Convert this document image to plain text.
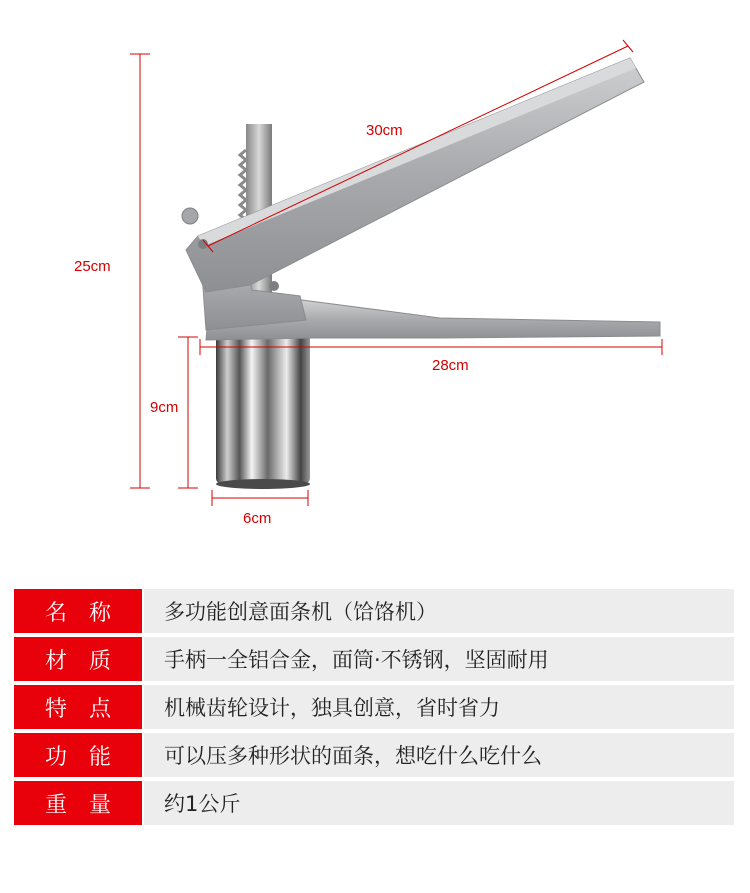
30cm
25cm
28cm
9cm
6cm
名称	多功能创意面条机（饸饹机）
材质	手柄一全铝合金，面筒·不锈钢，坚固耐用
特点	机械齿轮设计，独具创意，省时省力
功能	可以压多种形状的面条，想吃什么吃什么
重量	约1公斤
